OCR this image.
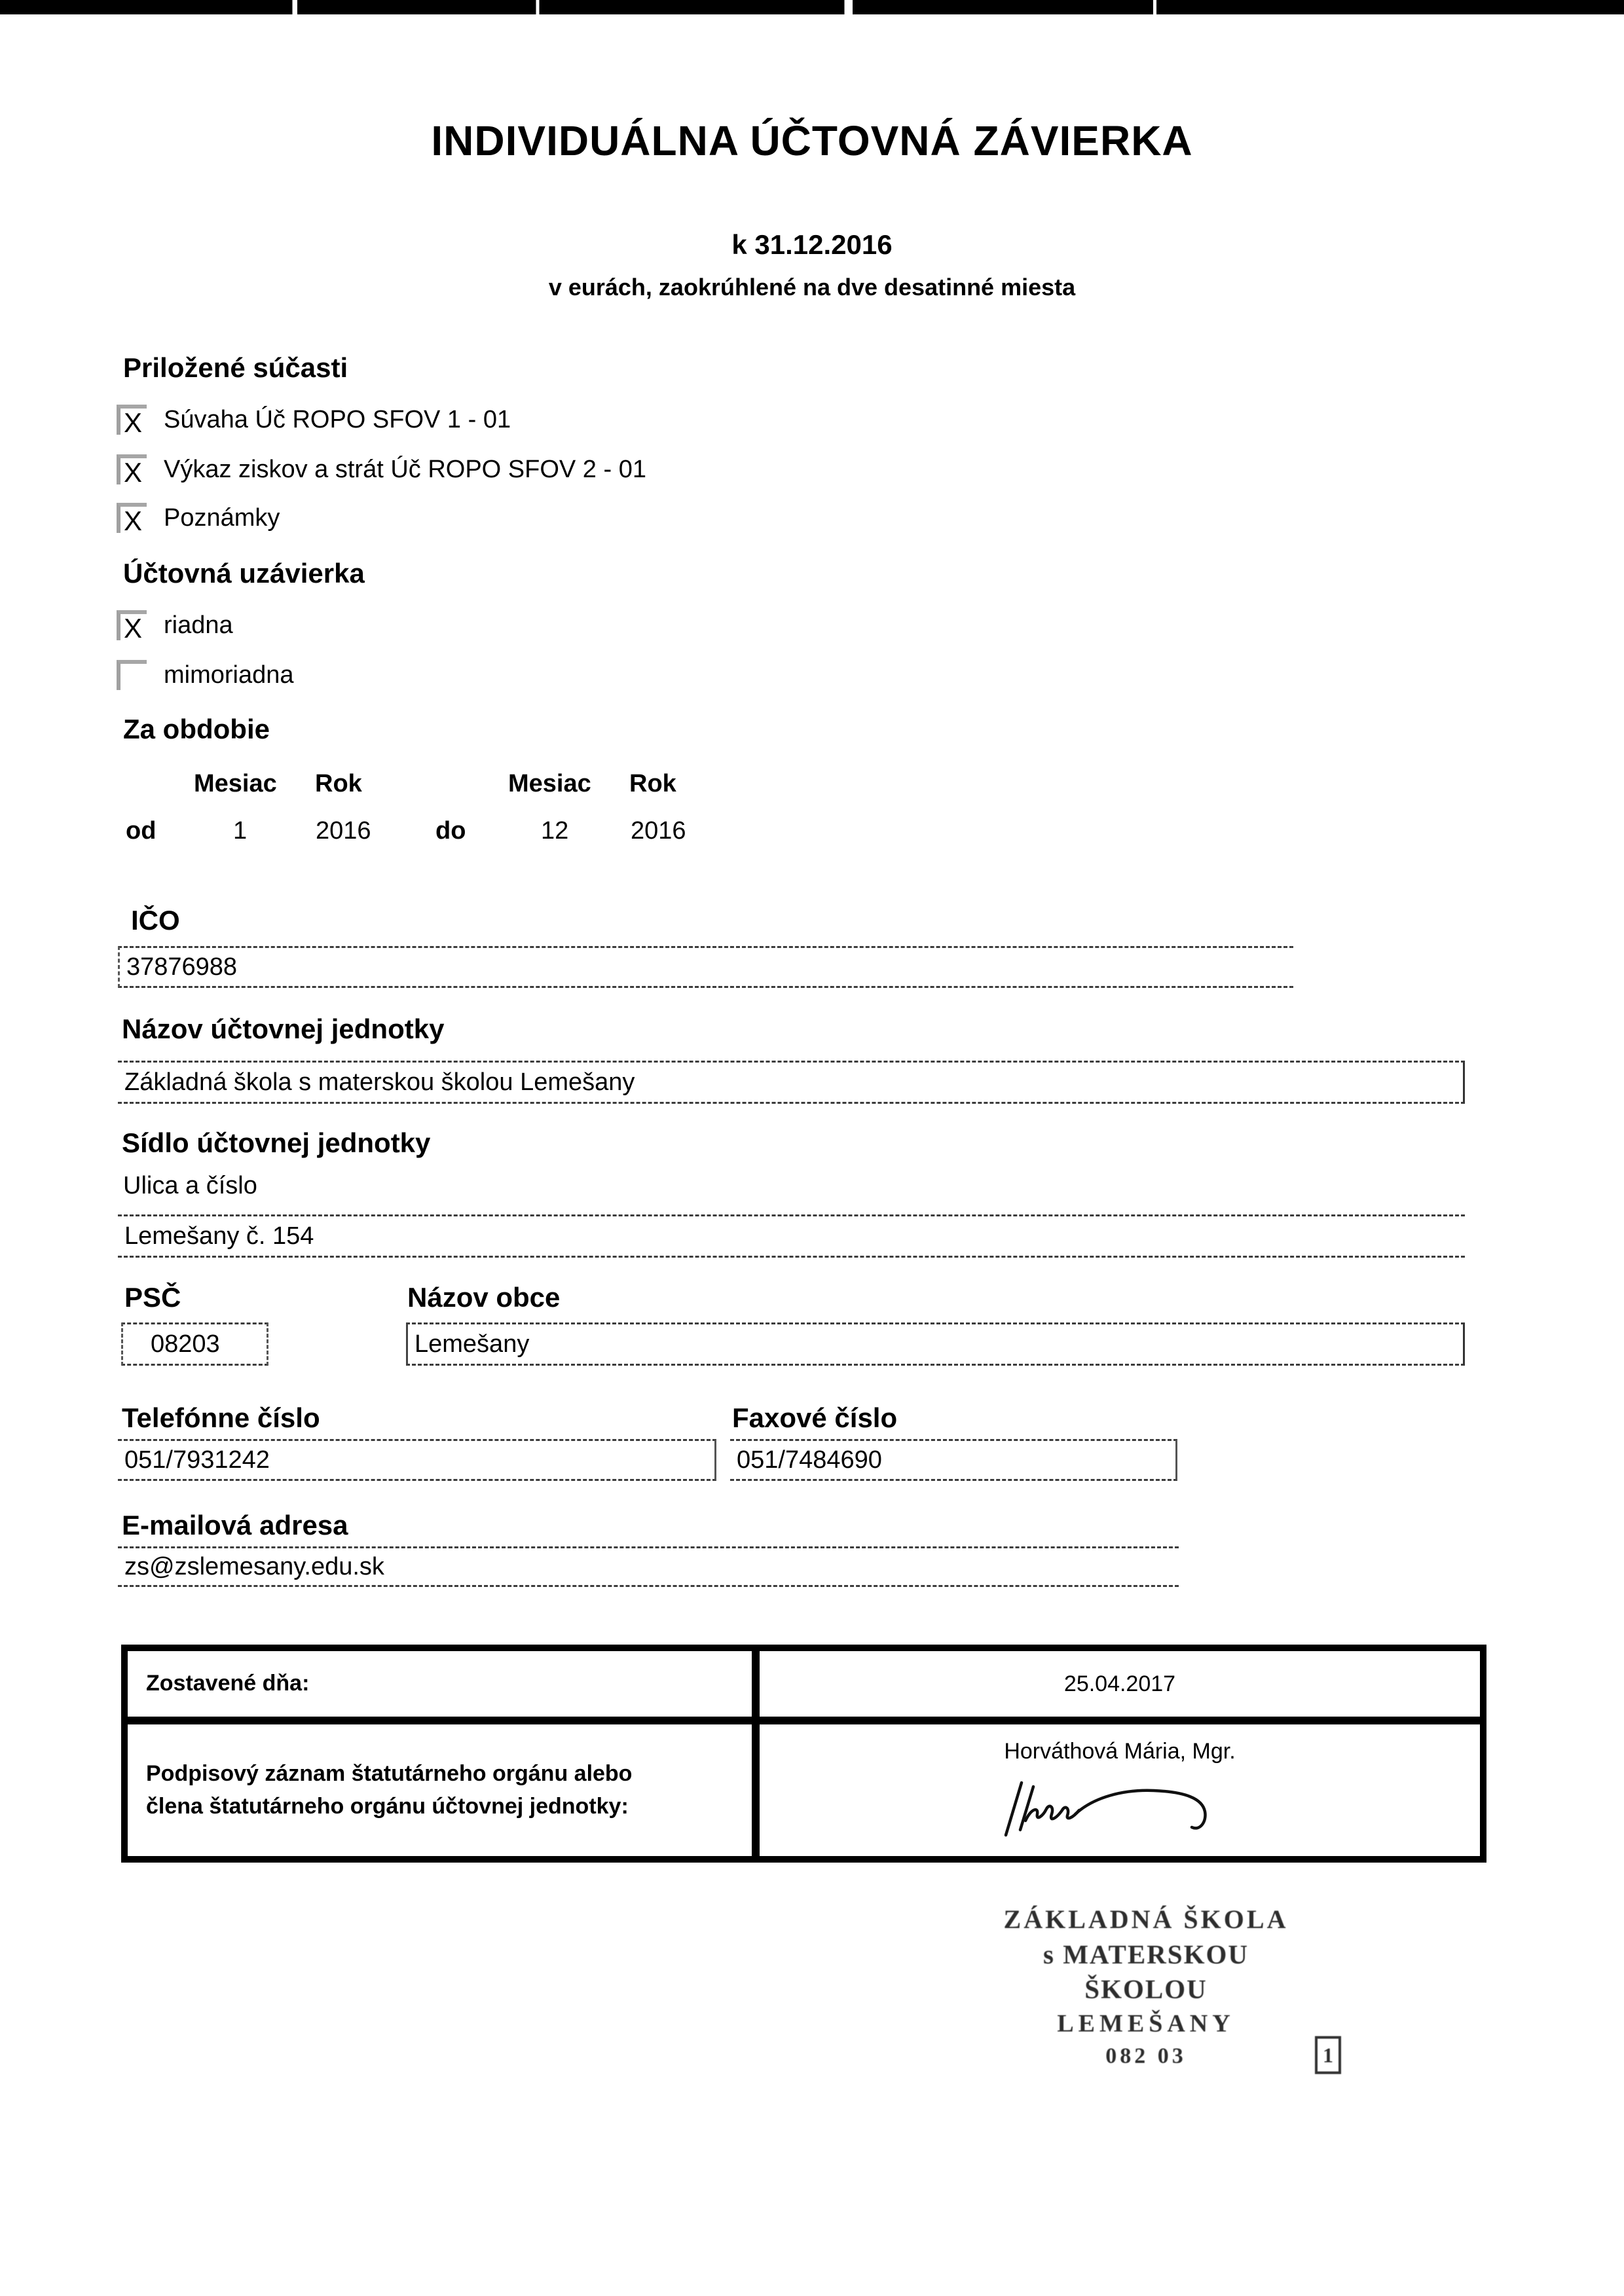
INDIVIDUÁLNA ÚČTOVNÁ ZÁVIERKA
k 31.12.2016
v eurách, zaokrúhlené na dve desatinné miesta
Priložené súčasti
X Súvaha Úč ROPO SFOV 1 - 01
X Výkaz ziskov a strát Úč ROPO SFOV 2 - 01
X Poznámky
Účtovná uzávierka
X riadna
mimoriadna
Za obdobie
Mesiac Rok	Mesiac Rok
od	1	2016	do	12 2016
IČO
37876988
Názov účtovnej jednotky
Základná škola s materskou školou Lemešany
Sídlo účtovnej jednotky
Ulica a číslo
Lemešany č. 154
PSČ	Názov obce
08203	Lemešany
Telefónne číslo	Faxové číslo
051/7931242	051/7484690
E-mailová adresa
zs@zslemesany.edu.sk
Zostavené dňa:	25.04.2017
Podpisový záznam štatutárneho orgánu alebo člena štatutárneho orgánu účtovnej jednotky:
Horváthová Mária, Mgr.
ZÁKLADNÁ ŠKOLA
s MATERSKOU ŠKOLOU
LEMEŠANY
082 03	1
